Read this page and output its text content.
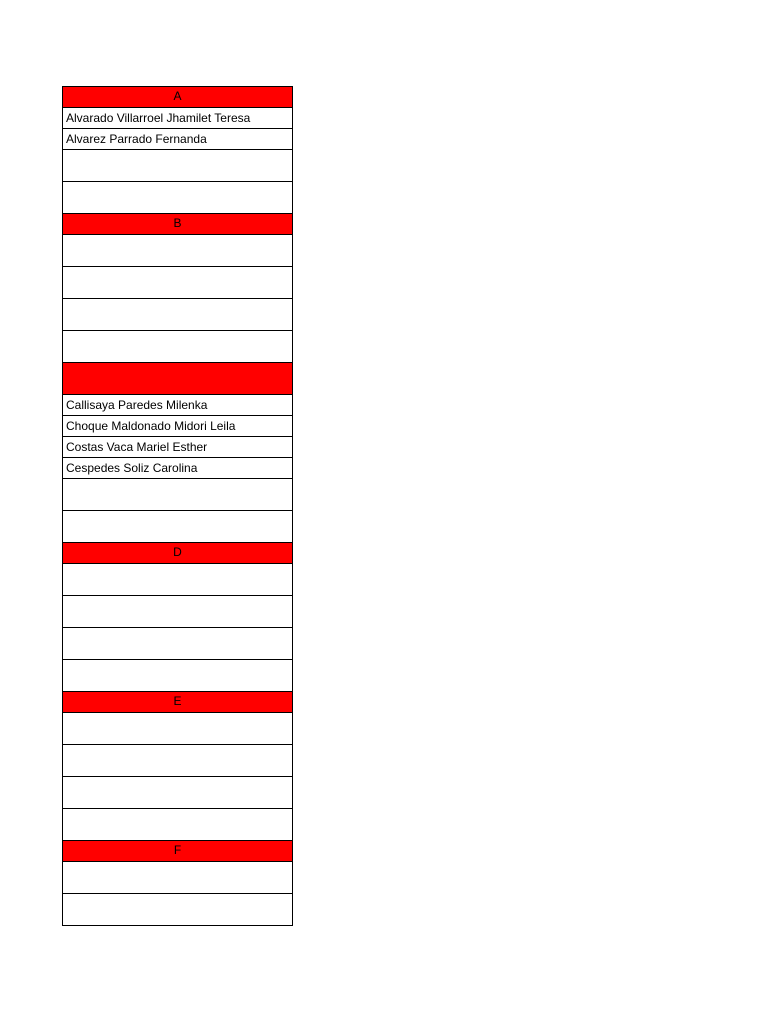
A
Alvarado Villarroel Jhamilet Teresa
Alvarez Parrado Fernanda
B
Callisaya Paredes Milenka
Choque Maldonado Midori Leila
Costas Vaca Mariel Esther
Cespedes Soliz Carolina
D
E
F
